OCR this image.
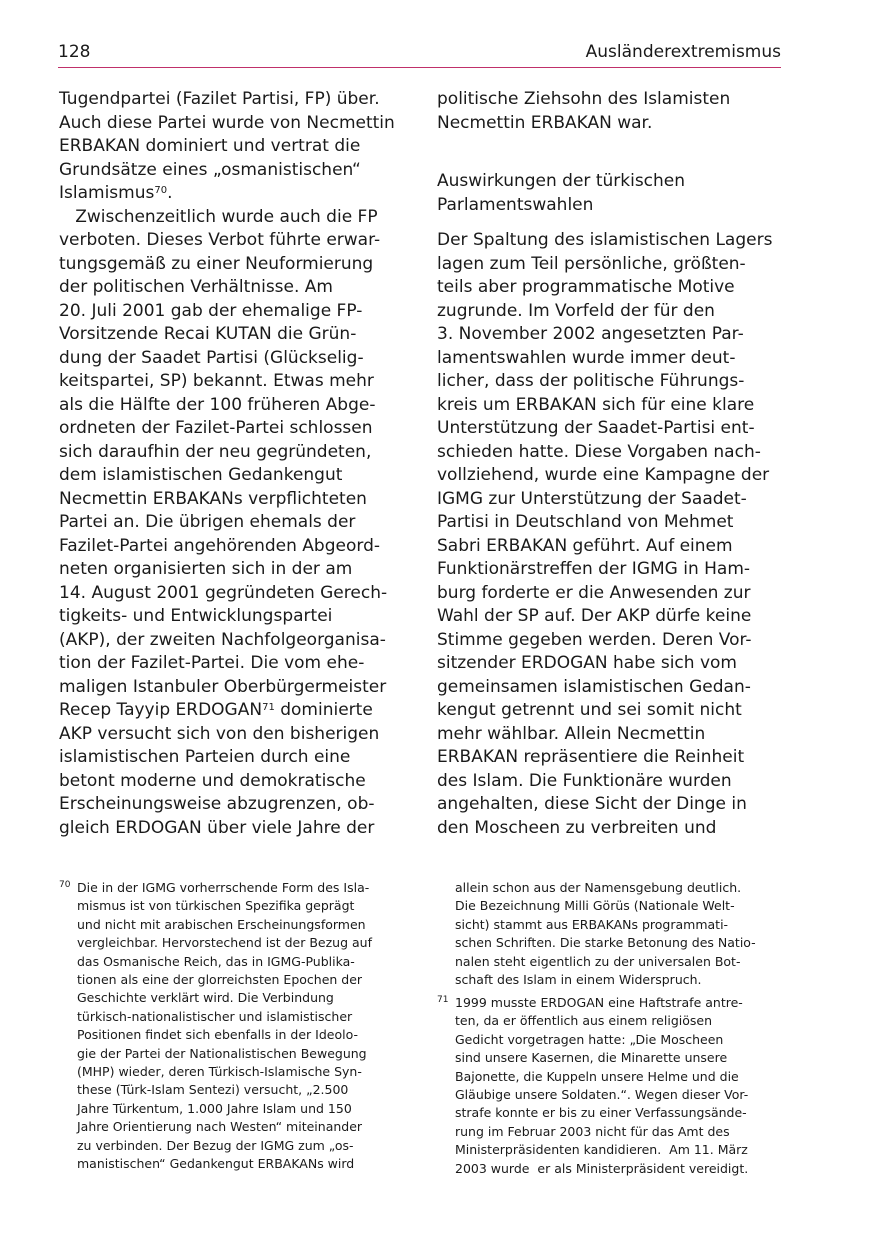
128	Ausländerextremismus
Tugendpartei (Fazilet Partisi, FP) über.
Auch diese Partei wurde von Necmettin
ERBAKAN dominiert und vertrat die
Grundsätze eines „osmanistischen“
Islamismus$^{70}$.
Zwischenzeitlich wurde auch die FP
verboten. Dieses Verbot führte erwar-
tungsgemäß zu einer Neuformierung
der politischen Verhältnisse. Am
20. Juli 2001 gab der ehemalige FP-
Vorsitzende Recai KUTAN die Grün-
dung der Saadet Partisi (Glückselig-
keitspartei, SP) bekannt. Etwas mehr
als die Hälfte der 100 früheren Abge-
ordneten der Fazilet-Partei schlossen
sich daraufhin der neu gegründeten,
dem islamistischen Gedankengut
Necmettin ERBAKANs verpflichteten
Partei an. Die übrigen ehemals der
Fazilet-Partei angehörenden Abgeord-
neten organisierten sich in der am
14. August 2001 gegründeten Gerech-
tigkeits- und Entwicklungspartei
(AKP), der zweiten Nachfolgeorganisa-
tion der Fazilet-Partei. Die vom ehe-
maligen Istanbuler Oberbürgermeister
Recep Tayyip ERDOGAN$^{71}$ dominierte
AKP versucht sich von den bisherigen
islamistischen Parteien durch eine
betont moderne und demokratische
Erscheinungsweise abzugrenzen, ob-
gleich ERDOGAN über viele Jahre der
politische Ziehsohn des Islamisten
Necmettin ERBAKAN war.
Auswirkungen der türkischen
Parlamentswahlen
Der Spaltung des islamistischen Lagers
lagen zum Teil persönliche, größten-
teils aber programmatische Motive
zugrunde. Im Vorfeld der für den
3. November 2002 angesetzten Par-
lamentswahlen wurde immer deut-
licher, dass der politische Führungs-
kreis um ERBAKAN sich für eine klare
Unterstützung der Saadet-Partisi ent-
schieden hatte. Diese Vorgaben nach-
vollziehend, wurde eine Kampagne der
IGMG zur Unterstützung der Saadet-
Partisi in Deutschland von Mehmet
Sabri ERBAKAN geführt. Auf einem
Funktionärstreffen der IGMG in Ham-
burg forderte er die Anwesenden zur
Wahl der SP auf. Der AKP dürfe keine
Stimme gegeben werden. Deren Vor-
sitzender ERDOGAN habe sich vom
gemeinsamen islamistischen Gedan-
kengut getrennt und sei somit nicht
mehr wählbar. Allein Necmettin
ERBAKAN repräsentiere die Reinheit
des Islam. Die Funktionäre wurden
angehalten, diese Sicht der Dinge in
den Moscheen zu verbreiten und
70 Die in der IGMG vorherrschende Form des Isla-
mismus ist von türkischen Spezifika geprägt
und nicht mit arabischen Erscheinungsformen
vergleichbar. Hervorstechend ist der Bezug auf
das Osmanische Reich, das in IGMG-Publika-
tionen als eine der glorreichsten Epochen der
Geschichte verklärt wird. Die Verbindung
türkisch-nationalistischer und islamistischer
Positionen findet sich ebenfalls in der Ideolo-
gie der Partei der Nationalistischen Bewegung
(MHP) wieder, deren Türkisch-Islamische Syn-
these (Türk-Islam Sentezi) versucht, „2.500
Jahre Türkentum, 1.000 Jahre Islam und 150
Jahre Orientierung nach Westen“ miteinander
zu verbinden. Der Bezug der IGMG zum „os-
manistischen“ Gedankengut ERBAKANs wird
allein schon aus der Namensgebung deutlich.
Die Bezeichnung Milli Görüs (Nationale Welt-
sicht) stammt aus ERBAKANs programmati-
schen Schriften. Die starke Betonung des Natio-
nalen steht eigentlich zu der universalen Bot-
schaft des Islam in einem Widerspruch.
71 1999 musste ERDOGAN eine Haftstrafe antre-
ten, da er öffentlich aus einem religiösen
Gedicht vorgetragen hatte: „Die Moscheen
sind unsere Kasernen, die Minarette unsere
Bajonette, die Kuppeln unsere Helme und die
Gläubige unsere Soldaten.“. Wegen dieser Vor-
strafe konnte er bis zu einer Verfassungsände-
rung im Februar 2003 nicht für das Amt des
Ministerpräsidenten kandidieren.  Am 11. März
2003 wurde  er als Ministerpräsident vereidigt.
